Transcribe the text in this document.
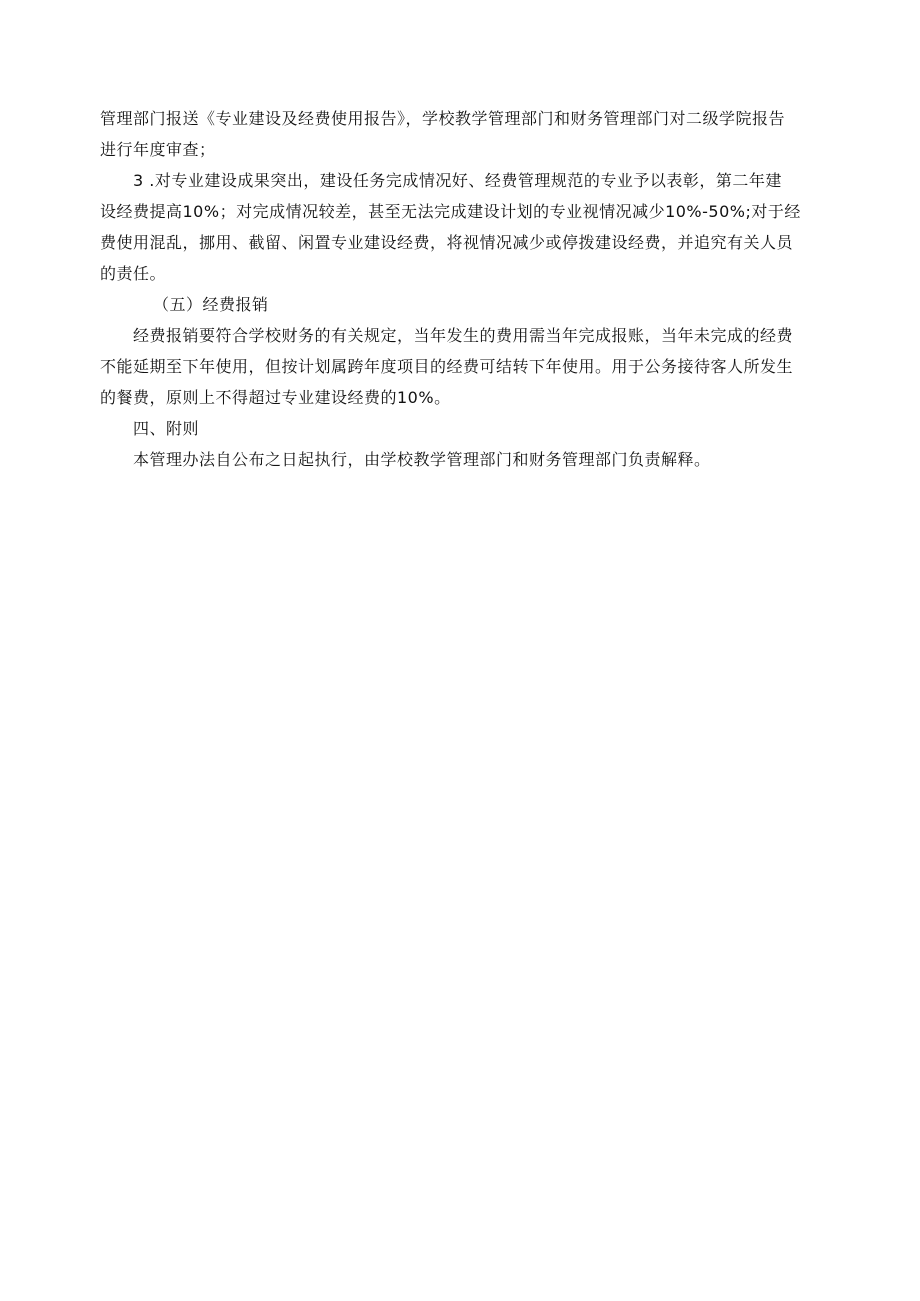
管理部门报送《专业建设及经费使用报告》，学校教学管理部门和财务管理部门对二级学院报告
进行年度审查；

3 .对专业建设成果突出，建设任务完成情况好、经费管理规范的专业予以表彰，第二年建
设经费提高10%；对完成情况较差，甚至无法完成建设计划的专业视情况减少10%-50%;对于经
费使用混乱，挪用、截留、闲置专业建设经费，将视情况减少或停拨建设经费，并追究有关人员
的责任。

（五）经费报销

经费报销要符合学校财务的有关规定，当年发生的费用需当年完成报账，当年未完成的经费
不能延期至下年使用，但按计划属跨年度项目的经费可结转下年使用。用于公务接待客人所发生
的餐费，原则上不得超过专业建设经费的10%。

四、附则

本管理办法自公布之日起执行，由学校教学管理部门和财务管理部门负责解释。
